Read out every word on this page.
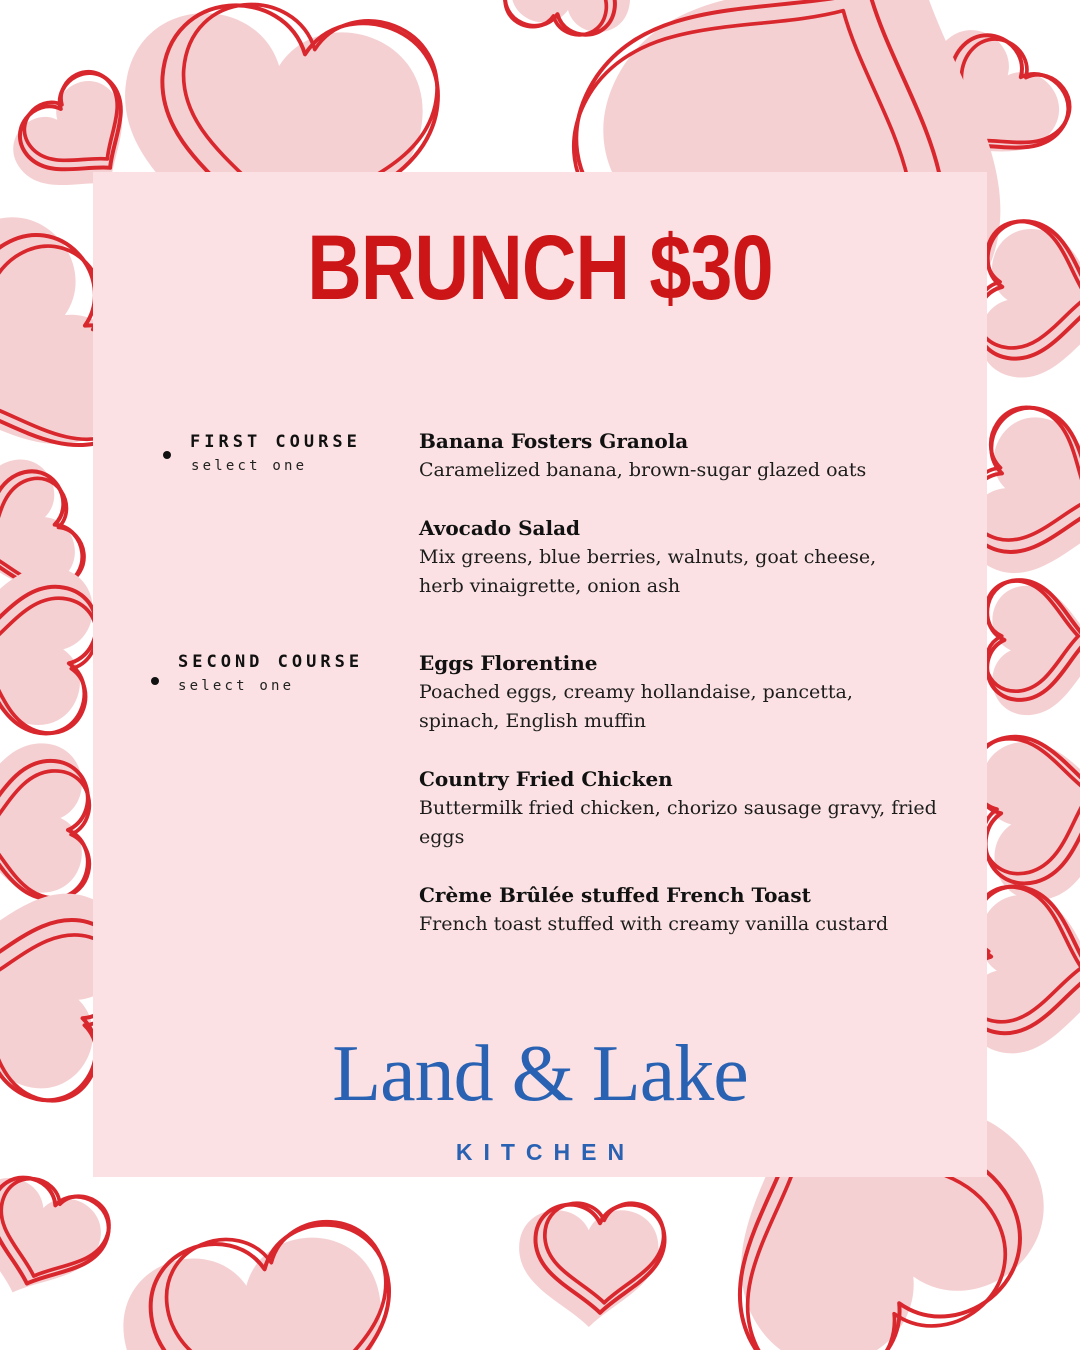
BRUNCH $30
FIRST COURSE
select one
SECOND COURSE
select one
Banana Fosters Granola
Caramelized banana, brown-sugar glazed oats
Avocado Salad
Mix greens, blue berries, walnuts, goat cheese, herb vinaigrette, onion ash
Eggs Florentine
Poached eggs, creamy hollandaise, pancetta, spinach, English muffin
Country Fried Chicken
Buttermilk fried chicken, chorizo sausage gravy, fried eggs
Crème Brûlée stuffed French Toast
French toast stuffed with creamy vanilla custard
Land & Lake
KITCHEN
